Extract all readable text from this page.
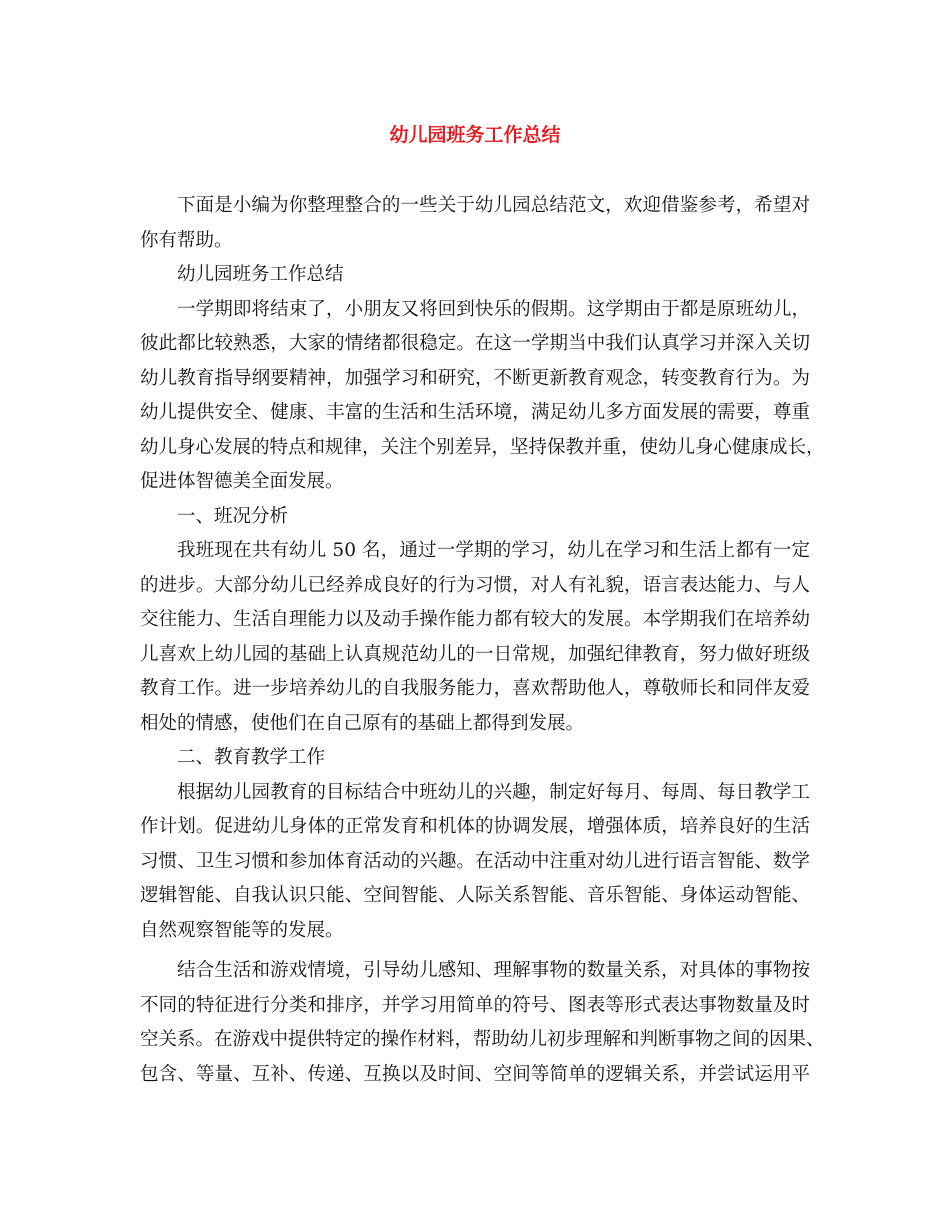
幼儿园班务工作总结
下面是小编为你整理整合的一些关于幼儿园总结范文，欢迎借鉴参考，希望对
你有帮助。
幼儿园班务工作总结
一学期即将结束了，小朋友又将回到快乐的假期。这学期由于都是原班幼儿，
彼此都比较熟悉，大家的情绪都很稳定。在这一学期当中我们认真学习并深入关切
幼儿教育指导纲要精神，加强学习和研究，不断更新教育观念，转变教育行为。为
幼儿提供安全、健康、丰富的生活和生活环境，满足幼儿多方面发展的需要，尊重
幼儿身心发展的特点和规律，关注个别差异，坚持保教并重，使幼儿身心健康成长，
促进体智德美全面发展。
一、班况分析
我班现在共有幼儿 50 名，通过一学期的学习，幼儿在学习和生活上都有一定
的进步。大部分幼儿已经养成良好的行为习惯，对人有礼貌，语言表达能力、与人
交往能力、生活自理能力以及动手操作能力都有较大的发展。本学期我们在培养幼
儿喜欢上幼儿园的基础上认真规范幼儿的一日常规，加强纪律教育，努力做好班级
教育工作。进一步培养幼儿的自我服务能力，喜欢帮助他人，尊敬师长和同伴友爱
相处的情感，使他们在自己原有的基础上都得到发展。
二、教育教学工作
根据幼儿园教育的目标结合中班幼儿的兴趣，制定好每月、每周、每日教学工
作计划。促进幼儿身体的正常发育和机体的协调发展，增强体质，培养良好的生活
习惯、卫生习惯和参加体育活动的兴趣。在活动中注重对幼儿进行语言智能、数学
逻辑智能、自我认识只能、空间智能、人际关系智能、音乐智能、身体运动智能、
自然观察智能等的发展。
结合生活和游戏情境，引导幼儿感知、理解事物的数量关系，对具体的事物按
不同的特征进行分类和排序，并学习用简单的符号、图表等形式表达事物数量及时
空关系。在游戏中提供特定的操作材料，帮助幼儿初步理解和判断事物之间的因果、
包含、等量、互补、传递、互换以及时间、空间等简单的逻辑关系，并尝试运用平
